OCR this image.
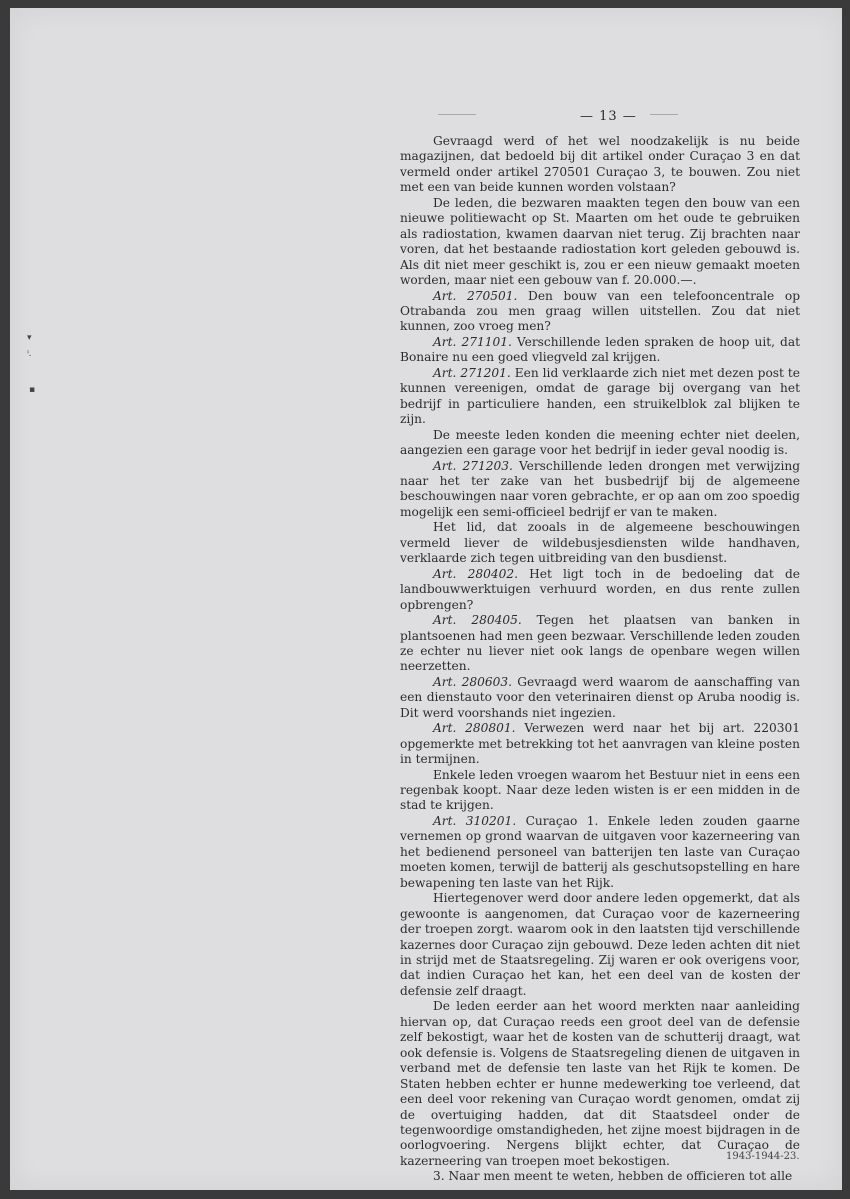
— 13 —
▾
ᵎ.
▪

Gevraagd werd of het wel noodzakelijk is nu beide magazijnen, dat bedoeld bij dit artikel onder Curaçao 3 en dat vermeld onder artikel 270501 Curaçao 3, te bouwen. Zou niet met een van beide kunnen worden volstaan?

De leden, die bezwaren maakten tegen den bouw van een nieuwe politiewacht op St. Maarten om het oude te gebruiken als radiostation, kwamen daarvan niet terug. Zij brachten naar voren, dat het bestaande radiostation kort geleden gebouwd is. Als dit niet meer geschikt is, zou er een nieuw gemaakt moeten worden, maar niet een gebouw van f. 20.000.—.

Art. 270501. Den bouw van een telefooncentrale op Otrabanda zou men graag willen uitstellen. Zou dat niet kunnen, zoo vroeg men?

Art. 271101. Verschillende leden spraken de hoop uit, dat Bonaire nu een goed vliegveld zal krijgen.

Art. 271201. Een lid verklaarde zich niet met dezen post te kunnen vereenigen, omdat de garage bij overgang van het bedrijf in particuliere handen, een struikelblok zal blijken te zijn.

De meeste leden konden die meening echter niet deelen, aangezien een garage voor het bedrijf in ieder geval noodig is.

Art. 271203. Verschillende leden drongen met verwijzing naar het ter zake van het busbedrijf bij de algemeene beschouwingen naar voren gebrachte, er op aan om zoo spoedig mogelijk een semi-officieel bedrijf er van te maken.

Het lid, dat zooals in de algemeene beschouwingen vermeld liever de wildebusjesdiensten wilde handhaven, verklaarde zich tegen uitbreiding van den busdienst.

Art. 280402. Het ligt toch in de bedoeling dat de landbouwwerktuigen verhuurd worden, en dus rente zullen opbrengen?

Art. 280405. Tegen het plaatsen van banken in plantsoenen had men geen bezwaar. Verschillende leden zouden ze echter nu liever niet ook langs de openbare wegen willen neerzetten.

Art. 280603. Gevraagd werd waarom de aanschaffing van een dienstauto voor den veterinairen dienst op Aruba noodig is. Dit werd voorshands niet ingezien.

Art. 280801. Verwezen werd naar het bij art. 220301 opgemerkte met betrekking tot het aanvragen van kleine posten in termijnen.

Enkele leden vroegen waarom het Bestuur niet in eens een regenbak koopt. Naar deze leden wisten is er een midden in de stad te krijgen.

Art. 310201. Curaçao 1. Enkele leden zouden gaarne vernemen op grond waarvan de uitgaven voor kazerneering van het bedienend personeel van batterijen ten laste van Curaçao moeten komen, terwijl de batterij als geschutsopstelling en hare bewapening ten laste van het Rijk.

Hiertegenover werd door andere leden opgemerkt, dat als gewoonte is aangenomen, dat Curaçao voor de kazerneering der troepen zorgt. waarom ook in den laatsten tijd verschillende kazernes door Curaçao zijn gebouwd. Deze leden achten dit niet in strijd met de Staatsregeling. Zij waren er ook overigens voor, dat indien Curaçao het kan, het een deel van de kosten der defensie zelf draagt.

De leden eerder aan het woord merkten naar aanleiding hiervan op, dat Curaçao reeds een groot deel van de defensie zelf bekostigt, waar het de kosten van de schutterij draagt, wat ook defensie is. Volgens de Staatsregeling dienen de uitgaven in verband met de defensie ten laste van het Rijk te komen. De Staten hebben echter er hunne medewerking toe verleend, dat een deel voor rekening van Curaçao wordt genomen, omdat zij de overtuiging hadden, dat dit Staatsdeel onder de tegenwoordige omstandigheden, het zijne moest bijdragen in de oorlogvoering. Nergens blijkt echter, dat Curaçao de kazerneering van troepen moet bekostigen.

3. Naar men meent te weten, hebben de officieren tot alle

1943-1944-23.
